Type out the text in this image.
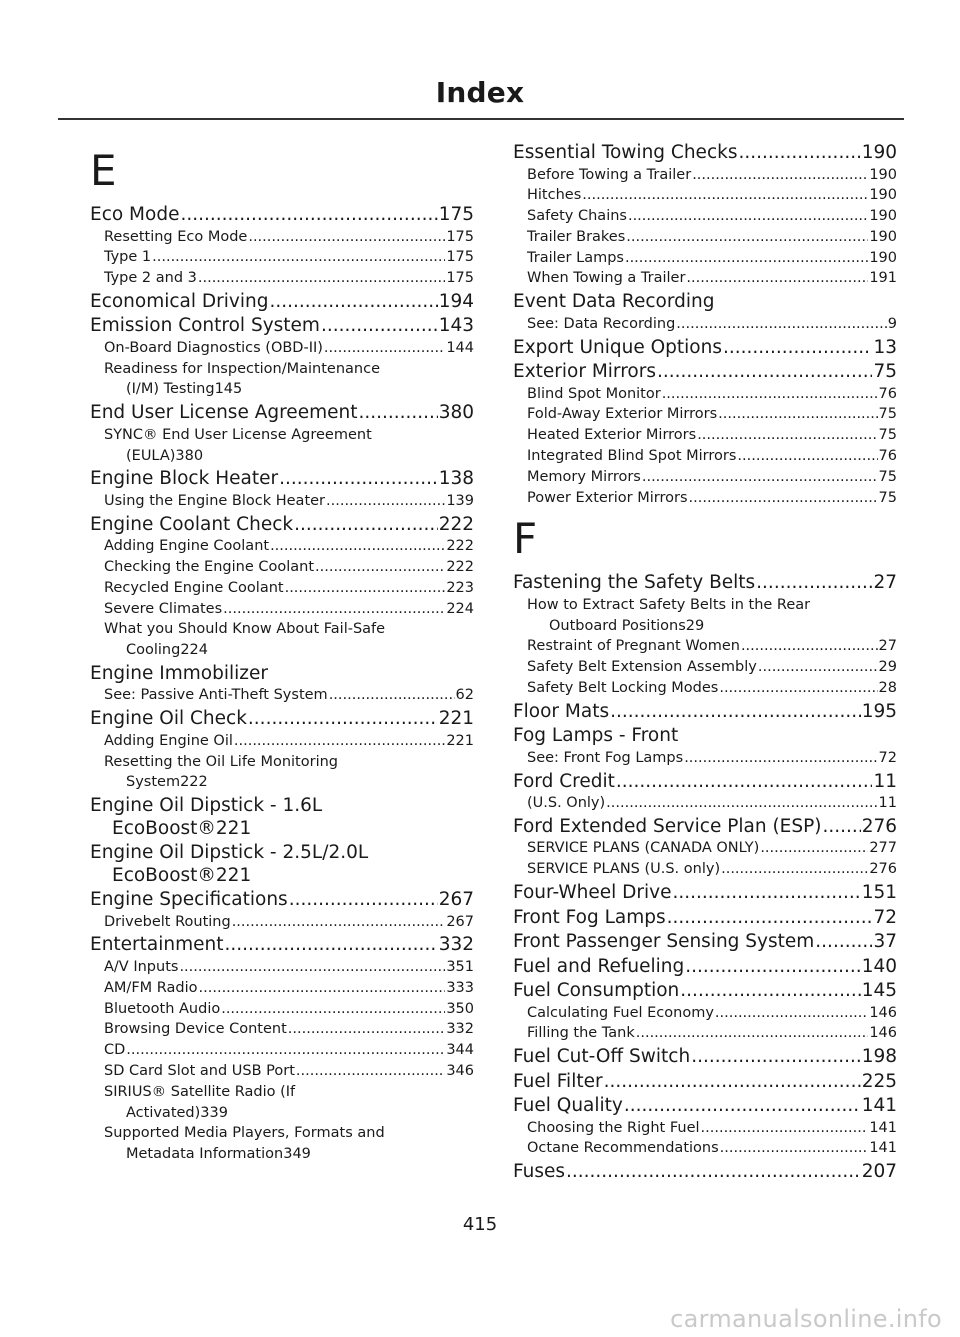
Index
E
Eco Mode .....	175
Resetting Eco Mode .....	175
Type 1 .....	175
Type 2 and 3 .....	175
Economical Driving .....	194
Emission Control System .....	143
On-Board Diagnostics (OBD-II) .....	144
Readiness for Inspection/Maintenance
(I/M) Testing 145
End User License Agreement .....	380
SYNC® End User License Agreement
(EULA) 380
Engine Block Heater .....	138
Using the Engine Block Heater .....	139
Engine Coolant Check .....	222
Adding Engine Coolant .....	222
Checking the Engine Coolant .....	222
Recycled Engine Coolant .....	223
Severe Climates .....	224
What you Should Know About Fail-Safe
Cooling 224
Engine Immobilizer
See: Passive Anti-Theft System .....	62
Engine Oil Check .....	221
Adding Engine Oil .....	221
Resetting the Oil Life Monitoring
System 222
Engine Oil Dipstick - 1.6L
EcoBoost® 221
Engine Oil Dipstick - 2.5L/2.0L
EcoBoost® 221
Engine Specifications .....	267
Drivebelt Routing .....	267
Entertainment .....	332
A/V Inputs .....	351
AM/FM Radio .....	333
Bluetooth Audio .....	350
Browsing Device Content .....	332
CD .....	344
SD Card Slot and USB Port .....	346
SIRIUS® Satellite Radio (If
Activated) 339
Supported Media Players, Formats and
Metadata Information 349
Essential Towing Checks .....	190
Before Towing a Trailer .....	190
Hitches .....	190
Safety Chains .....	190
Trailer Brakes .....	190
Trailer Lamps .....	190
When Towing a Trailer .....	191
Event Data Recording
See: Data Recording .....	9
Export Unique Options .....	13
Exterior Mirrors .....	75
Blind Spot Monitor .....	76
Fold-Away Exterior Mirrors .....	75
Heated Exterior Mirrors .....	75
Integrated Blind Spot Mirrors .....	76
Memory Mirrors .....	75
Power Exterior Mirrors .....	75
F
Fastening the Safety Belts .....	27
How to Extract Safety Belts in the Rear
Outboard Positions 29
Restraint of Pregnant Women .....	27
Safety Belt Extension Assembly .....	29
Safety Belt Locking Modes .....	28
Floor Mats .....	195
Fog Lamps - Front
See: Front Fog Lamps .....	72
Ford Credit .....	11
(U.S. Only) .....	11
Ford Extended Service Plan (ESP) ..... 276
SERVICE PLANS (CANADA ONLY) .....	277
SERVICE PLANS (U.S. only) .....	276
Four-Wheel Drive .....	151
Front Fog Lamps .....	72
Front Passenger Sensing System .....	37
Fuel and Refueling .....	140
Fuel Consumption .....	145
Calculating Fuel Economy .....	146
Filling the Tank .....	146
Fuel Cut-Off Switch .....	198
Fuel Filter .....	225
Fuel Quality .....	141
Choosing the Right Fuel .....	141
Octane Recommendations .....	141
Fuses .....	207
415
carmanualsonline.info
